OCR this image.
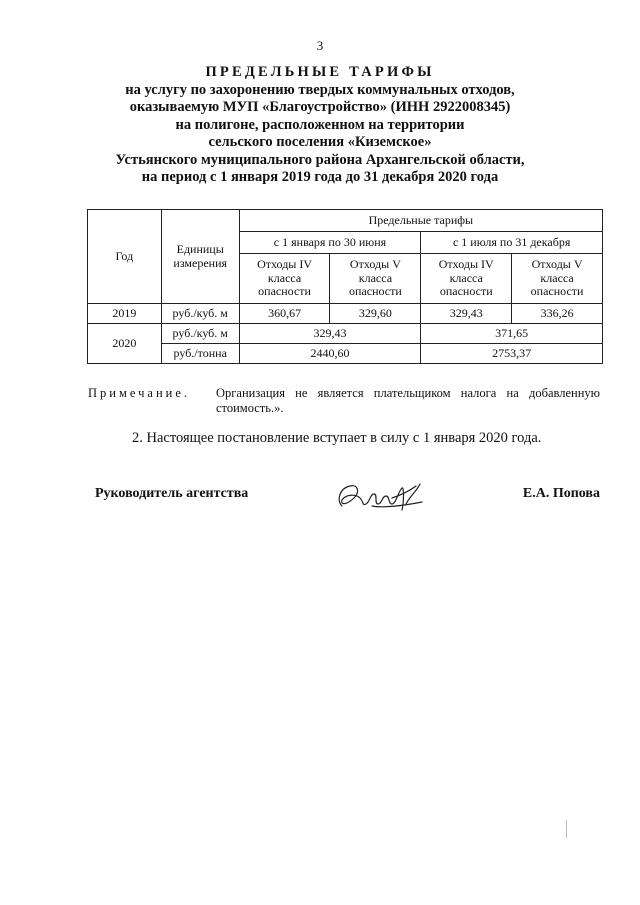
3
ПРЕДЕЛЬНЫЕ ТАРИФЫ
на услугу по захоронению твердых коммунальных отходов,
оказываемую МУП «Благоустройство» (ИНН 2922008345)
на полигоне, расположенном на территории
сельского поселения «Киземское»
Устьянского муниципального района Архангельской области,
на период с 1 января 2019 года до 31 декабря 2020 года
Год	Единицы измерения	Предельные тарифы			
		с 1 января по 30 июня		с 1 июля по 31 декабря	
		Отходы IV класса опасности	Отходы V класса опасности	Отходы IV класса опасности	Отходы V класса опасности
2019	руб./куб. м	360,67	329,60	329,43	336,26
2020	руб./куб. м	329,43		371,65	
	руб./тонна	2440,60		2753,37	
Примечание.	Организация не является плательщиком налога на добавленную стоимость.».
2. Настоящее постановление вступает в силу с 1 января 2020 года.
Руководитель агентства	Е.А. Попова
